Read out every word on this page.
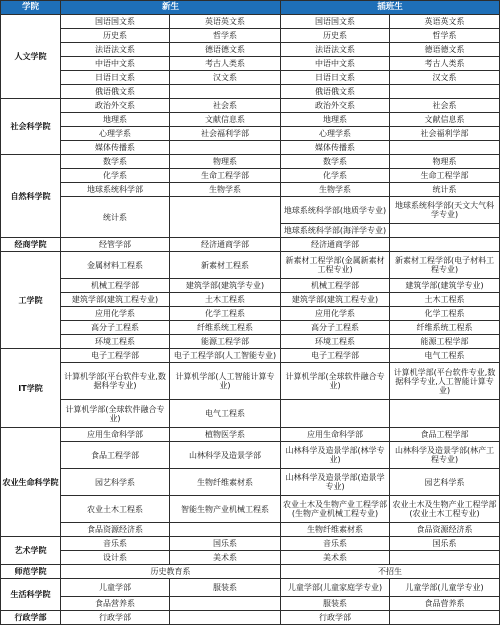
学院	新生		插班生	
人文学院	国语国文系	英语英文系	国语国文系	英语英文系
	历史系	哲学系	历史系	哲学系
	法语法文系	德语德文系	法语法文系	德语德文系
	中语中文系	考古人类系	中语中文系	考古人类系
	日语日文系	汉文系	日语日文系	汉文系
	俄语俄文系		俄语俄文系	
社会科学院	政治外交系	社会系	政治外交系	社会系
	地理系	文献信息系	地理系	文献信息系
	心理学系	社会福利学部	心理学系	社会福利学部
	媒体传播系		媒体传播系	
自然科学院	数学系	物理系	数学系	物理系
	化学系	生命工程学部	化学系	生命工程学部
	地球系统科学部	生物学系	生物学系	统计系
	统计系		地球系统科学部(地质学专业)	地球系统科学部(天文大气科学专业)
			地球系统科学部(海洋学专业)	
经商学院	经管学部	经济通商学部	经济通商学部	
工学院	金属材料工程系	新素材工程系	新素材工程学部(金属新素材工程专业)	新素材工程学部(电子材料工程专业)
	机械工程学部	建筑学部(建筑学专业)	机械工程学部	建筑学部(建筑学专业)
	建筑学部(建筑工程专业)	土木工程系	建筑学部(建筑工程专业)	土木工程系
	应用化学系	化学工程系	应用化学系	化学工程系
	高分子工程系	纤维系统工程系	高分子工程系	纤维系统工程系
	环境工程系	能源工程学部	环境工程系	能源工程学部
IT学院	电子工程学部	电子工程学部(人工智能专业)	电子工程学部	电气工程系
	计算机学部(平台软件专业,数据科学专业)	计算机学部(人工智能计算专业)	计算机学部(全球软件融合专业)	计算机学部(平台软件专业,数据科学专业,人工智能计算专业)
	计算机学部(全球软件融合专业)	电气工程系		

农业生命科学院	应用生命科学部	植物医学系	应用生命科学部	食品工程学部
	食品工程学部	山林科学及造景学部	山林科学及造景学部(林学专业)	山林科学及造景学部(林产工程专业)
	园艺科学系	生物纤维素材系	山林科学及造景学部(造景学专业)	园艺科学系
	农业土木工程系	智能生物产业机械工程系	农业土木及生物产业工程学部(生物产业机械工程专业)	农业土木及生物产业工程学部(农业土木工程专业)
	食品资源经济系		生物纤维素材系	食品资源经济系
艺术学院	音乐系	国乐系	音乐系	国乐系
	设计系	美术系	美术系	
师范学院	历史教育系		不招生	
生活科学院	儿童学部	服装系	儿童学部(儿童家庭学专业)	儿童学部(儿童学专业)
	食品营养系		服装系	食品营养系
行政学部	行政学部		行政学部	
